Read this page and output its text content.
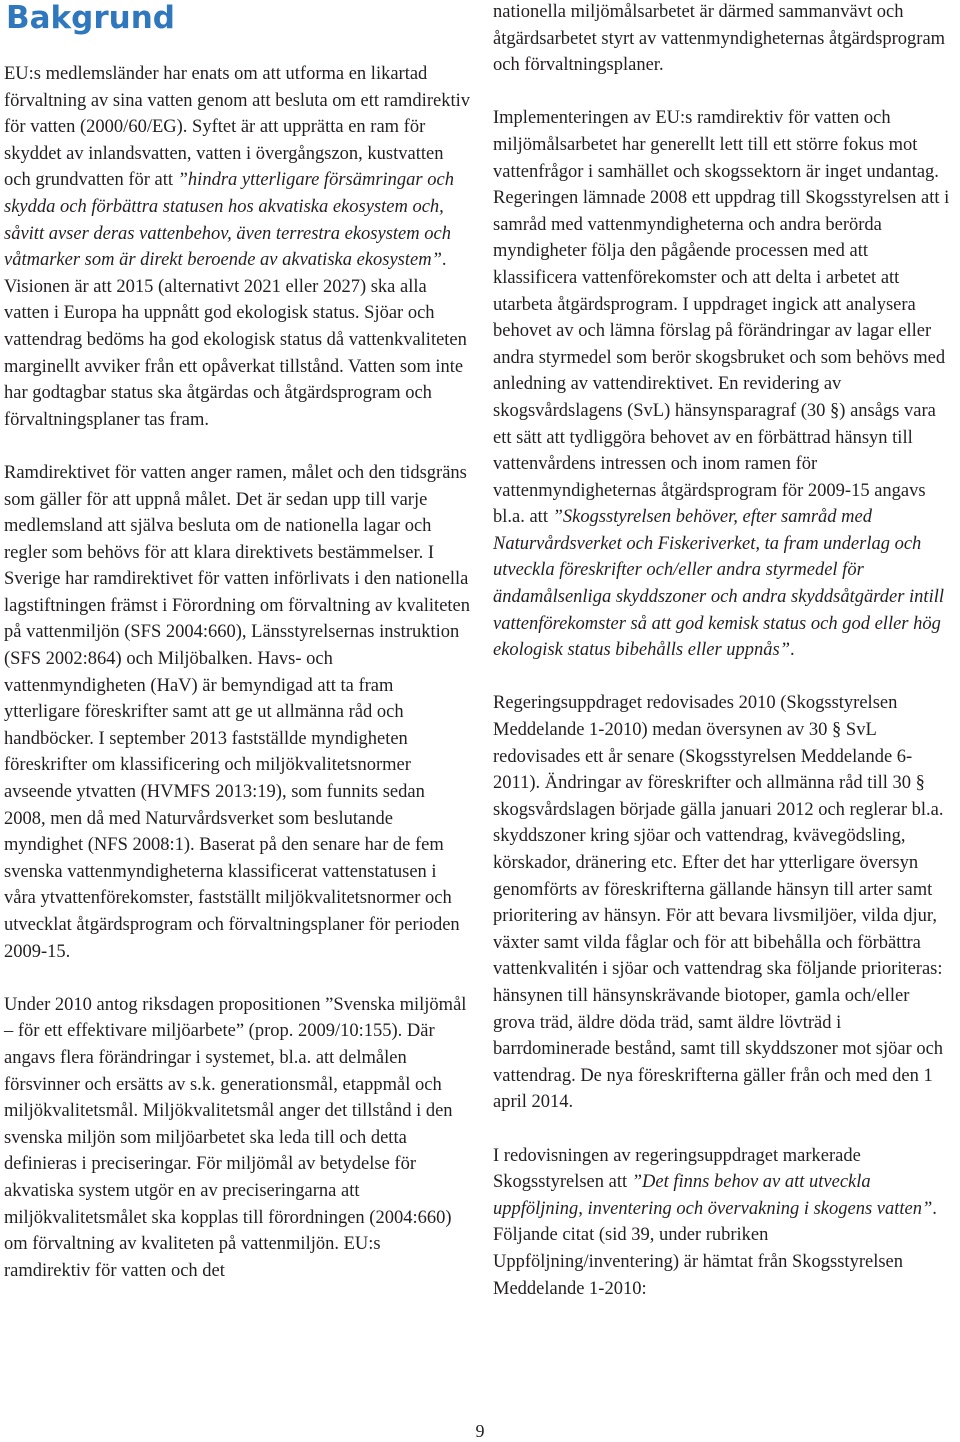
Bakgrund

EU:s medlemsländer har enats om att utforma en likartad förvaltning av sina vatten genom att besluta om ett ramdirektiv för vatten (2000/60/EG). Syftet är att upprätta en ram för skyddet av inlandsvatten, vatten i övergångszon, kustvatten och grundvatten för att ”hindra ytterligare försämringar och skydda och förbättra statusen hos akvatiska ekosystem och, såvitt avser deras vattenbehov, även terrestra ekosystem och våtmarker som är direkt beroende av akvatiska ekosystem”. Visionen är att 2015 (alternativt 2021 eller 2027) ska alla vatten i Europa ha uppnått god ekologisk status. Sjöar och vattendrag bedöms ha god ekologisk status då vattenkvaliteten marginellt avviker från ett opåverkat tillstånd. Vatten som inte har godtagbar status ska åtgärdas och åtgärdsprogram och förvaltningsplaner tas fram.

Ramdirektivet för vatten anger ramen, målet och den tidsgräns som gäller för att uppnå målet. Det är sedan upp till varje medlemsland att själva besluta om de nationella lagar och regler som behövs för att klara direktivets bestämmelser. I Sverige har ramdirektivet för vatten införlivats i den nationella lagstiftningen främst i Förordning om förvaltning av kvaliteten på vattenmiljön (SFS 2004:660), Länsstyrelsernas instruktion (SFS 2002:864) och Miljöbalken. Havs- och vattenmyndigheten (HaV) är bemyndigad att ta fram ytterligare föreskrifter samt att ge ut allmänna råd och handböcker. I september 2013 fastställde myndigheten föreskrifter om klassificering och miljökvalitetsnormer avseende ytvatten (HVMFS 2013:19), som funnits sedan 2008, men då med Naturvårdsverket som beslutande myndighet (NFS 2008:1). Baserat på den senare har de fem svenska vattenmyndigheterna klassificerat vattenstatusen i våra ytvattenförekomster, fastställt miljökvalitetsnormer och utvecklat åtgärdsprogram och förvaltningsplaner för perioden 2009-15.

Under 2010 antog riksdagen propositionen ”Svenska miljömål – för ett effektivare miljöarbete” (prop. 2009/10:155). Där angavs flera förändringar i systemet, bl.a. att delmålen försvinner och ersätts av s.k. generationsmål, etappmål och miljökvalitetsmål. Miljökvalitetsmål anger det tillstånd i den svenska miljön som miljöarbetet ska leda till och detta definieras i preciseringar. För miljömål av betydelse för akvatiska system utgör en av preciseringarna att miljökvalitetsmålet ska kopplas till förordningen (2004:660) om förvaltning av kvaliteten på vattenmiljön. EU:s ramdirektiv för vatten och det

nationella miljömålsarbetet är därmed sammanvävt och åtgärdsarbetet styrt av vattenmyndigheternas åtgärdsprogram och förvaltningsplaner.

Implementeringen av EU:s ramdirektiv för vatten och miljömålsarbetet har generellt lett till ett större fokus mot vattenfrågor i samhället och skogssektorn är inget undantag. Regeringen lämnade 2008 ett uppdrag till Skogsstyrelsen att i samråd med vattenmyndigheterna och andra berörda myndigheter följa den pågående processen med att klassificera vattenförekomster och att delta i arbetet att utarbeta åtgärdsprogram. I uppdraget ingick att analysera behovet av och lämna förslag på förändringar av lagar eller andra styrmedel som berör skogsbruket och som behövs med anledning av vattendirektivet. En revidering av skogsvårdslagens (SvL) hänsynsparagraf (30 §) ansågs vara ett sätt att tydliggöra behovet av en förbättrad hänsyn till vattenvårdens intressen och inom ramen för vattenmyndigheternas åtgärdsprogram för 2009-15 angavs bl.a. att ”Skogsstyrelsen behöver, efter samråd med Naturvårdsverket och Fiskeriverket, ta fram underlag och utveckla föreskrifter och/eller andra styrmedel för ändamålsenliga skyddszoner och andra skyddsåtgärder intill vattenförekomster så att god kemisk status och god eller hög ekologisk status bibehålls eller uppnås”.

Regeringsuppdraget redovisades 2010 (Skogsstyrelsen Meddelande 1-2010) medan översynen av 30 § SvL redovisades ett år senare (Skogsstyrelsen Meddelande 6-2011). Ändringar av föreskrifter och allmänna råd till 30 § skogsvårdslagen började gälla januari 2012 och reglerar bl.a. skyddszoner kring sjöar och vattendrag, kvävegödsling, körskador, dränering etc. Efter det har ytterligare översyn genomförts av föreskrifterna gällande hänsyn till arter samt prioritering av hänsyn. För att bevara livsmiljöer, vilda djur, växter samt vilda fåglar och för att bibehålla och förbättra vattenkvalitén i sjöar och vattendrag ska följande prioriteras: hänsynen till hänsynskrävande biotoper, gamla och/eller grova träd, äldre döda träd, samt äldre lövträd i barrdominerade bestånd, samt till skyddszoner mot sjöar och vattendrag. De nya föreskrifterna gäller från och med den 1 april 2014.

I redovisningen av regeringsuppdraget markerade Skogsstyrelsen att ”Det finns behov av att utveckla uppföljning, inventering och övervakning i skogens vatten”. Följande citat (sid 39, under rubriken Uppföljning/inventering) är hämtat från Skogsstyrelsen Meddelande 1-2010:

9
